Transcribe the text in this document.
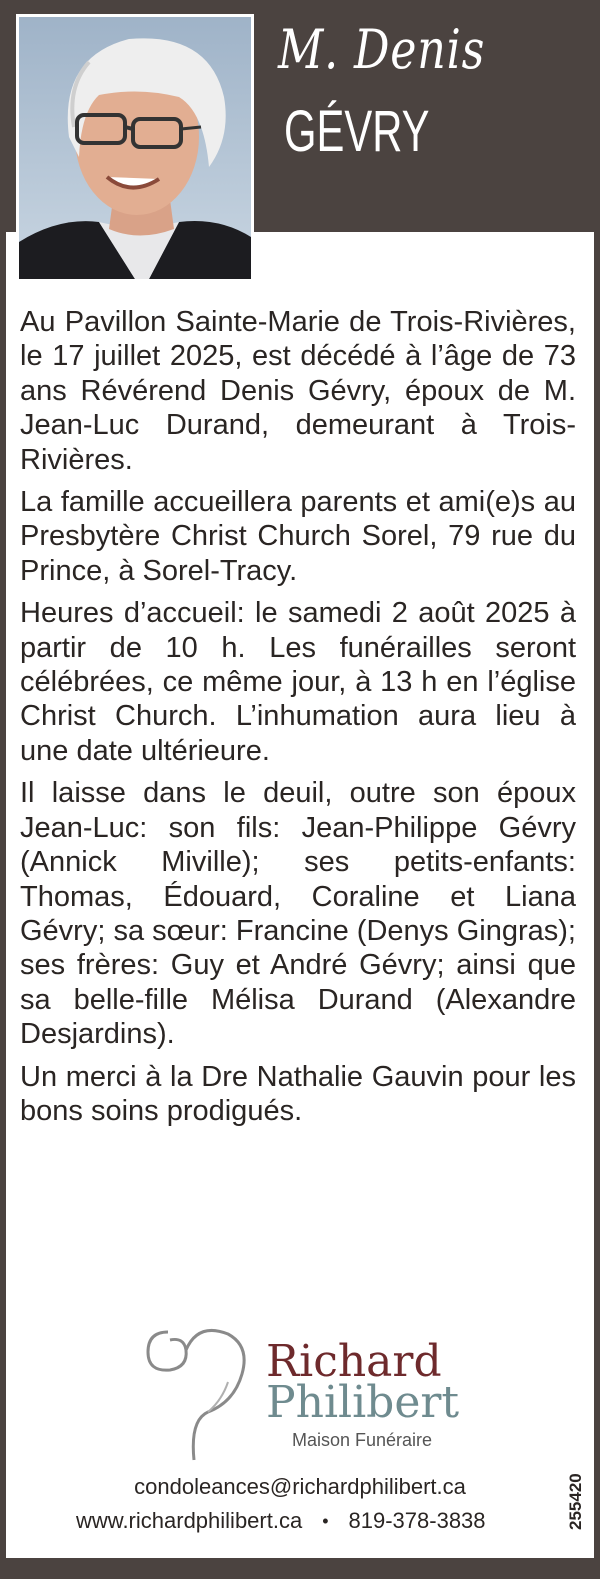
M. Denis
GÉVRY

Au Pavillon Sainte-Marie de Trois-Rivières, le 17 juillet 2025, est décédé à l’âge de 73 ans Révérend Denis Gévry, époux de M. Jean-Luc Durand, demeurant à Trois-Rivières.

La famille accueillera parents et ami(e)s au Presbytère Christ Church Sorel, 79 rue du Prince, à Sorel-Tracy.

Heures d’accueil: le samedi 2 août 2025 à partir de 10 h. Les funérailles seront célébrées, ce même jour, à 13 h en l’église Christ Church. L’inhumation aura lieu à une date ultérieure.

Il laisse dans le deuil, outre son époux Jean-Luc: son fils: Jean-Philippe Gévry (Annick Miville); ses petits-enfants: Thomas, Édouard, Coraline et Liana Gévry; sa sœur: Francine (Denys Gingras); ses frères: Guy et André Gévry; ainsi que sa belle-fille Mélisa Durand (Alexandre Desjardins).

Un merci à la Dre Nathalie Gauvin pour les bons soins prodigués.

Richard
Philibert
Maison Funéraire
condoleances@richardphilibert.ca
www.richardphilibert.ca • 819-378-3838	255420
